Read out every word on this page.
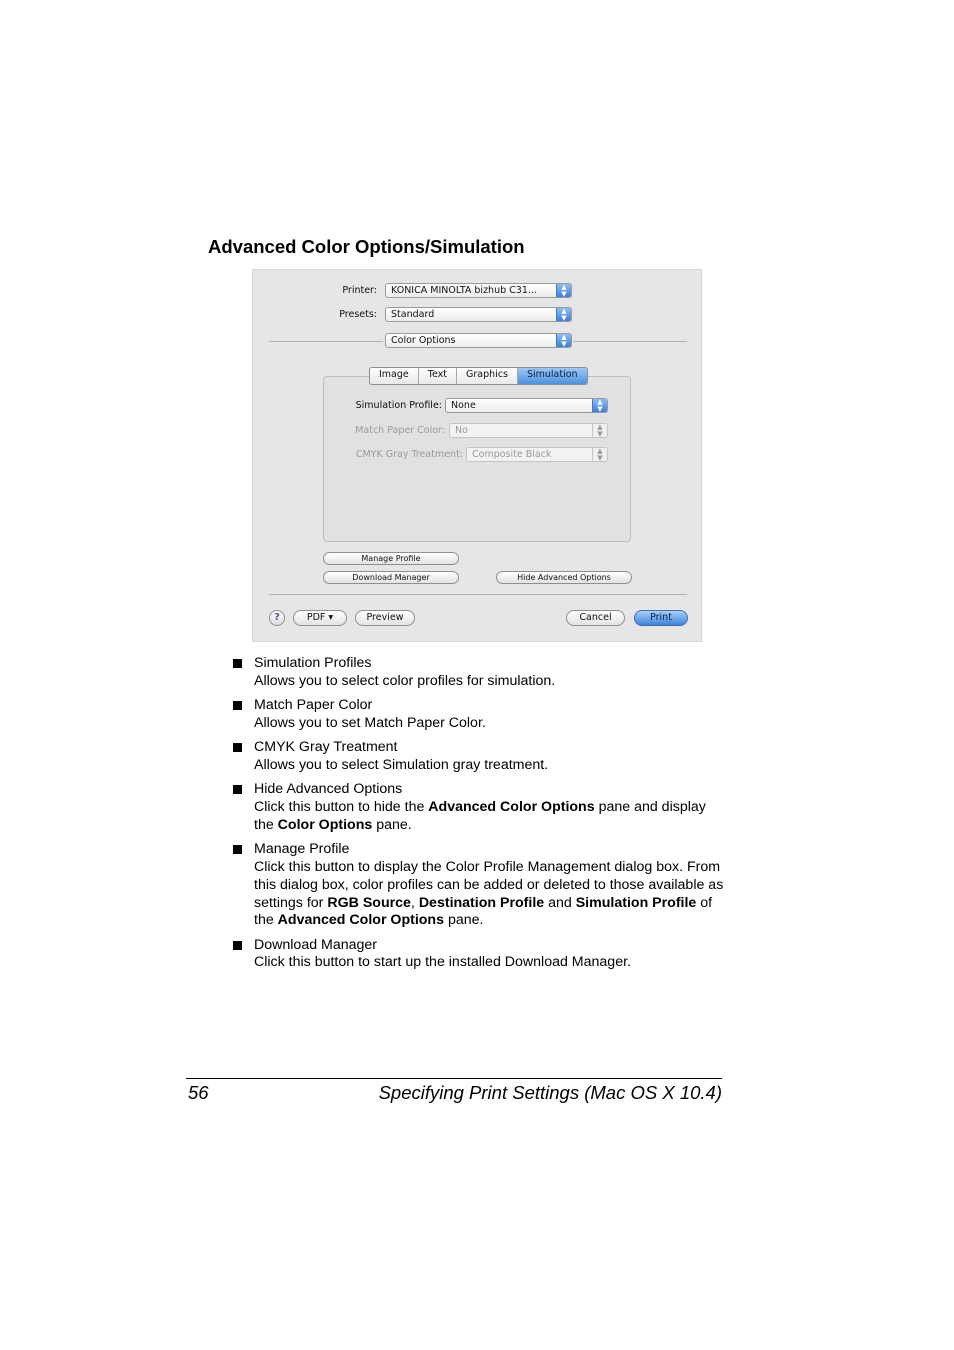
Advanced Color Options/Simulation
Printer:	KONICA MINOLTA bizhub C31...	▲
▼
Presets:	Standard	▲
▼
Color Options	▲
▼
Image	Text	Graphics	Simulation
Simulation Profile: None	▲
▼
Match Paper Color:	No	▲
▼
CMYK Gray Treatment: Composite Black	▲
▼
Manage Profile
Download Manager	Hide Advanced Options
?	PDF ▾	Preview	Cancel	Print

Simulation Profiles

Allows you to select color profiles for simulation.

Match Paper Color

Allows you to set Match Paper Color.

CMYK Gray Treatment

Allows you to select Simulation gray treatment.

Hide Advanced Options

Click this button to hide the Advanced Color Options pane and display the Color Options pane.

Manage Profile

Click this button to display the Color Profile Management dialog box. From this dialog box, color profiles can be added or deleted to those available as settings for RGB Source, Destination Profile and Simulation Profile of the Advanced Color Options pane.

Download Manager

Click this button to start up the installed Download Manager.

56	Specifying Print Settings (Mac OS X 10.4)
